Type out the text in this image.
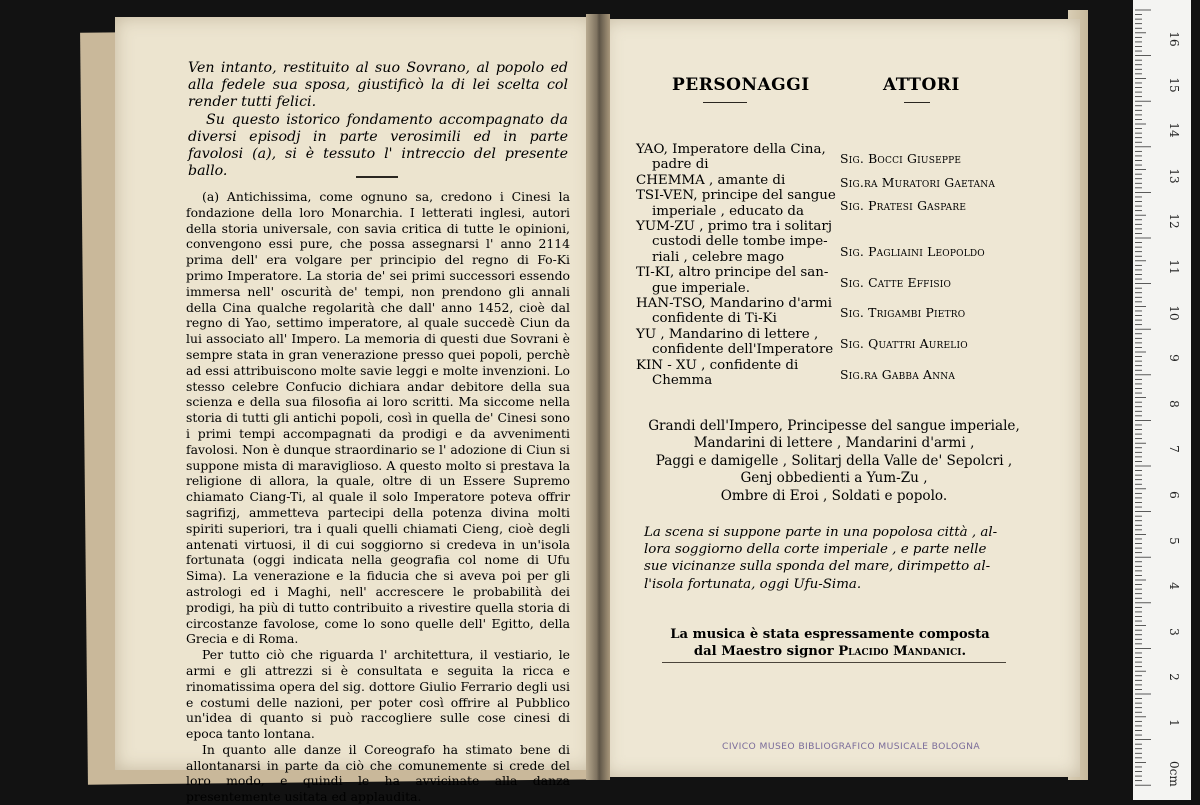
Ven intanto, restituito al suo Sovrano, al popolo ed alla fedele sua sposa, giustificò la di lei scelta col render tutti felici.

Su questo istorico fondamento accompagnato da diversi episodj in parte verosimili ed in parte favolosi (a), si è tessuto l' intreccio del presente ballo.

(a) Antichissima, come ognuno sa, credono i Cinesi la fondazione della loro Monarchia. I letterati inglesi, autori della storia universale, con savia critica di tutte le opinioni, convengono essi pure, che possa assegnarsi l' anno 2114 prima dell' era volgare per principio del regno di Fo-Ki primo Imperatore. La storia de' sei primi successori essendo immersa nell' oscurità de' tempi, non prendono gli annali della Cina qualche regolarità che dall' anno 1452, cioè dal regno di Yao, settimo imperatore, al quale succedè Ciun da lui associato all' Impero. La memoria di questi due Sovrani è sempre stata in gran venerazione presso quei popoli, perchè ad essi attribuiscono molte savie leggi e molte invenzioni. Lo stesso celebre Confucio dichiara andar debitore della sua scienza e della sua filosofia ai loro scritti. Ma siccome nella storia di tutti gli antichi popoli, così in quella de' Cinesi sono i primi tempi accompagnati da prodigi e da avvenimenti favolosi. Non è dunque straordinario se l' adozione di Ciun si suppone mista di maraviglioso. A questo molto si prestava la religione di allora, la quale, oltre di un Essere Supremo chiamato Ciang-Ti, al quale il solo Imperatore poteva offrir sagrifizj, ammetteva partecipi della potenza divina molti spiriti superiori, tra i quali quelli chiamati Cieng, cioè degli antenati virtuosi, il di cui soggiorno si credeva in un'isola fortunata (oggi indicata nella geografia col nome di Ufu Sima). La venerazione e la fiducia che si aveva poi per gli astrologi ed i Maghi, nell' accrescere le probabilità dei prodigi, ha più di tutto contribuito a rivestire quella storia di circostanze favolose, come lo sono quelle dell' Egitto, della Grecia e di Roma.

Per tutto ciò che riguarda l' architettura, il vestiario, le armi e gli attrezzi si è consultata e seguita la ricca e rinomatissima opera del sig. dottore Giulio Ferrario degli usi e costumi delle nazioni, per poter così offrire al Pubblico un'idea di quanto si può raccogliere sulle cose cinesi di epoca tanto lontana.

In quanto alle danze il Coreografo ha stimato bene di allontanarsi in parte da ciò che comunemente si crede del loro modo, e quindi le ha avvicinate alla danza presentemente usitata ed applaudita.

PERSONAGGI	ATTORI
YAO, Imperatore della Cina,
padre di	Sig. Bocci Giuseppe
CHEMMA , amante di	Sig.ra Muratori Gaetana
TSI-VEN, principe del sangue
imperiale , educato da	Sig. Pratesi Gaspare
YUM-ZU , primo tra i solitarj
custodi delle tombe impe-
riali , celebre mago	Sig. Pagliaini Leopoldo
TI-KI, altro principe del san-
gue imperiale.	Sig. Catte Effisio
HAN-TSO, Mandarino d'armi
confidente di Ti-Ki	Sig. Trigambi Pietro
YU , Mandarino di lettere ,
confidente dell'Imperatore Sig. Quattri Aurelio
KIN - XU , confidente di
Chemma	Sig.ra Gabba Anna
Grandi dell'Impero, Principesse del sangue imperiale,
Mandarini di lettere , Mandarini d'armi ,
Paggi e damigelle , Solitarj della Valle de' Sepolcri ,
Genj obbedienti a Yum-Zu ,
Ombre di Eroi , Soldati e popolo.
La scena si suppone parte in una popolosa città , al-
lora soggiorno della corte imperiale , e parte nelle
sue vicinanze sulla sponda del mare, dirimpetto al-
l'isola fortunata, oggi Ufu-Sima.
La musica è stata espressamente composta
dal Maestro signor Placido Mandanici.
CIVICO MUSEO BIBLIOGRAFICO MUSICALE BOLOGNA
16
15
14
13
12
11
10
9
8
7
6
5
4
3
2
1
0cm
